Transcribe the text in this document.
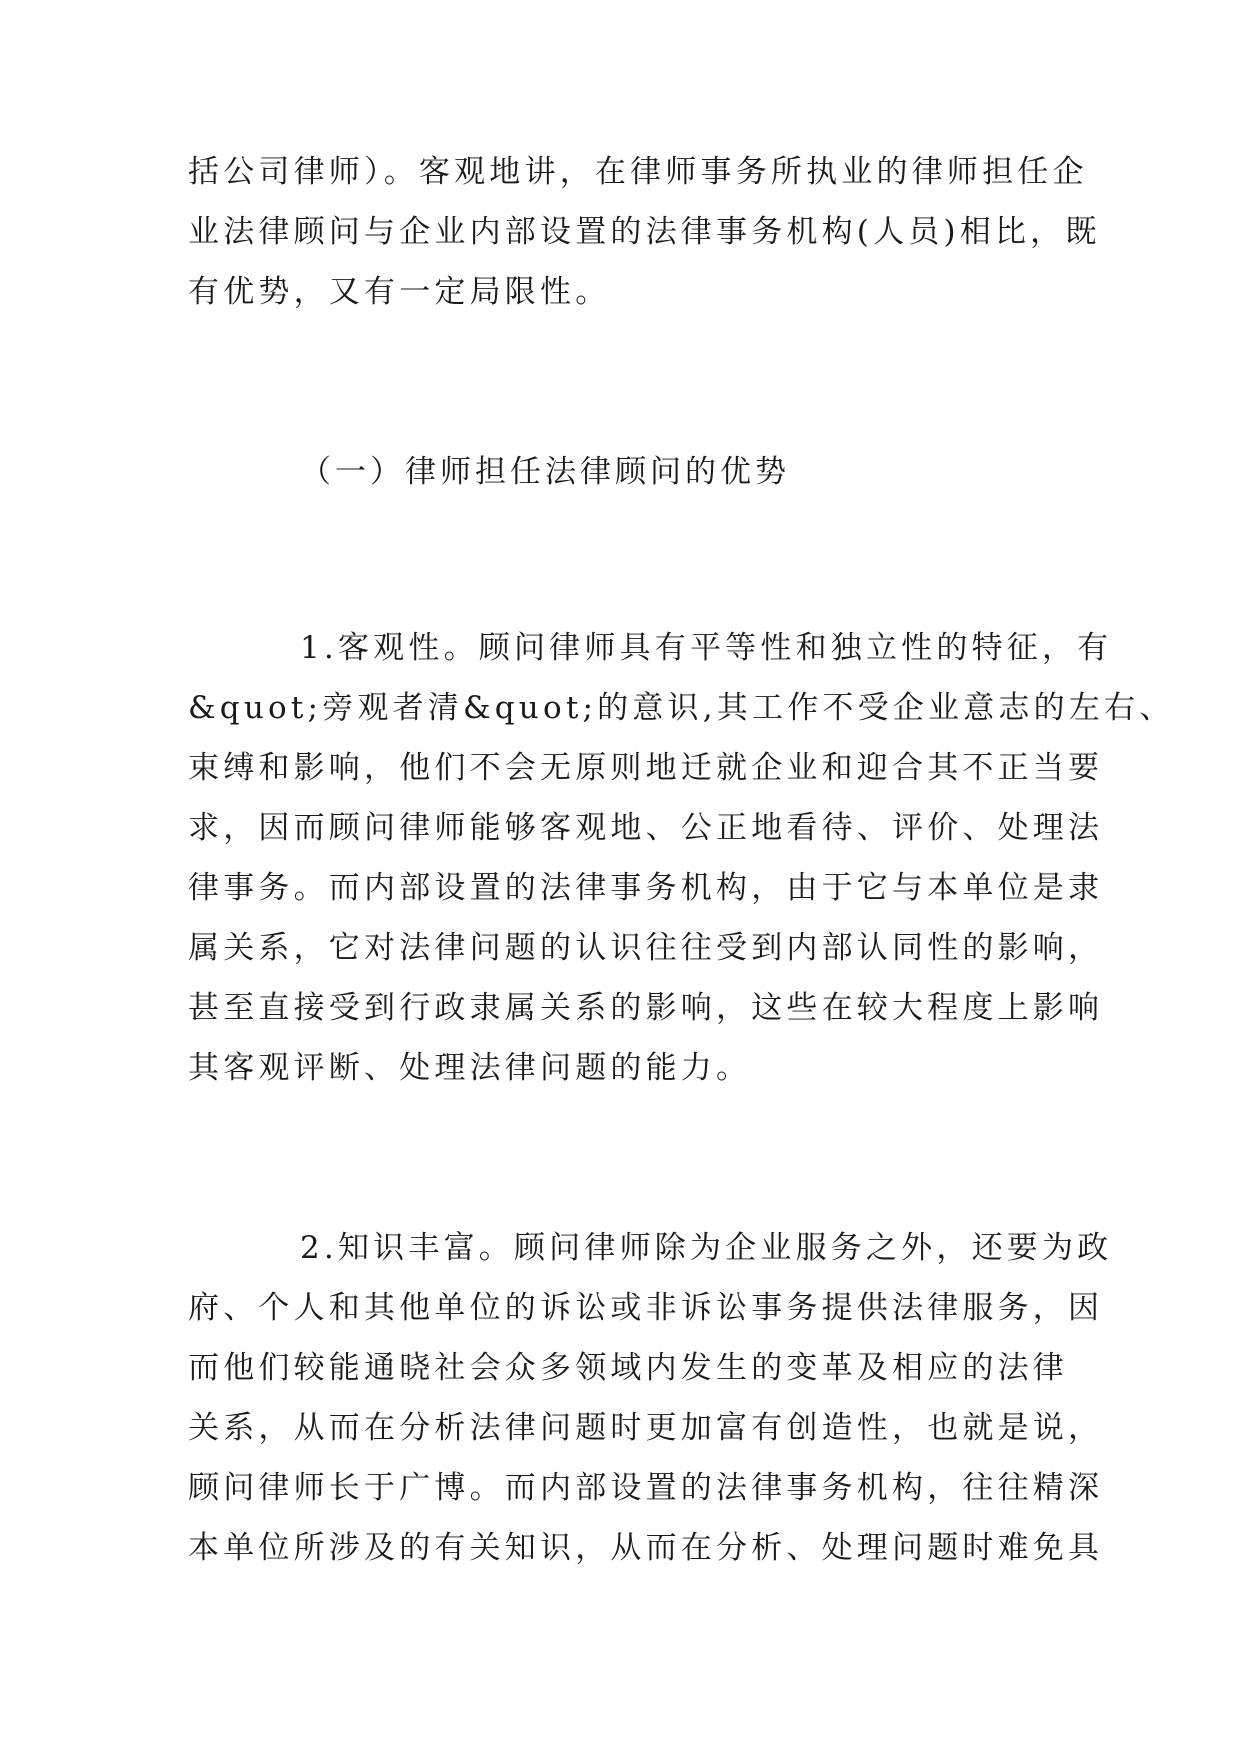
括公司律师）。客观地讲，在律师事务所执业的律师担任企
业法律顾问与企业内部设置的法律事务机构(人员)相比，既
有优势，又有一定局限性。
（一）律师担任法律顾问的优势
1.客观性。顾问律师具有平等性和独立性的特征，有
&quot;旁观者清&quot;的意识,其工作不受企业意志的左右、
束缚和影响，他们不会无原则地迁就企业和迎合其不正当要
求，因而顾问律师能够客观地、公正地看待、评价、处理法
律事务。而内部设置的法律事务机构，由于它与本单位是隶
属关系，它对法律问题的认识往往受到内部认同性的影响，
甚至直接受到行政隶属关系的影响，这些在较大程度上影响
其客观评断、处理法律问题的能力。
2.知识丰富。顾问律师除为企业服务之外，还要为政
府、个人和其他单位的诉讼或非诉讼事务提供法律服务，因
而他们较能通晓社会众多领域内发生的变革及相应的法律
关系，从而在分析法律问题时更加富有创造性，也就是说，
顾问律师长于广博。而内部设置的法律事务机构，往往精深
本单位所涉及的有关知识，从而在分析、处理问题时难免具
